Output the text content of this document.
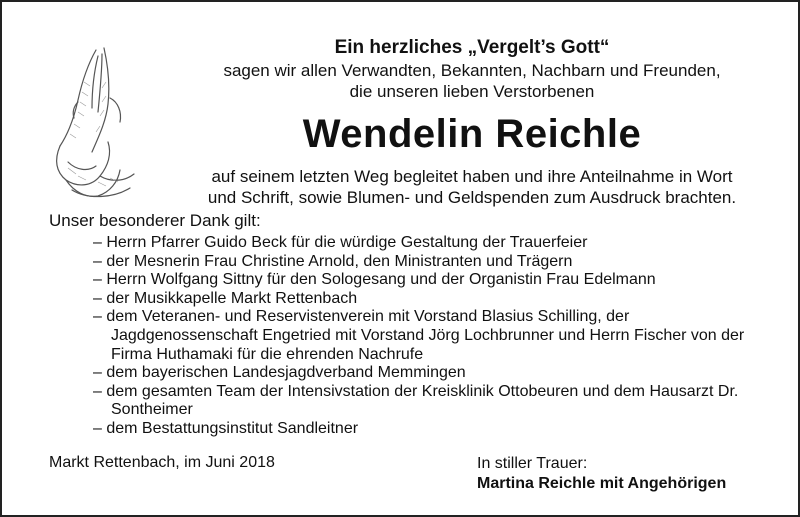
Ein herzliches „Vergelt’s Gott“
sagen wir allen Verwandten, Bekannten, Nachbarn und Freunden,
die unseren lieben Verstorbenen
Wendelin Reichle
auf seinem letzten Weg begleitet haben und ihre Anteilnahme in Wort
und Schrift, sowie Blumen- und Geldspenden zum Ausdruck brachten.
Unser besonderer Dank gilt:
– Herrn Pfarrer Guido Beck für die würdige Gestaltung der Trauerfeier
– der Mesnerin Frau Christine Arnold, den Ministranten und Trägern
– Herrn Wolfgang Sittny für den Sologesang und der Organistin Frau Edelmann
– der Musikkapelle Markt Rettenbach
– dem Veteranen- und Reservistenverein mit Vorstand Blasius Schilling, der Jagdgenossenschaft Engetried mit Vorstand Jörg Lochbrunner und Herrn Fischer von der Firma Huthamaki für die ehrenden Nachrufe
– dem bayerischen Landesjagdverband Memmingen
– dem gesamten Team der Intensivstation der Kreisklinik Ottobeuren und dem Hausarzt Dr. Sontheimer
– dem Bestattungsinstitut Sandleitner
Markt Rettenbach, im Juni 2018	In stiller Trauer:
Martina Reichle mit Angehörigen
